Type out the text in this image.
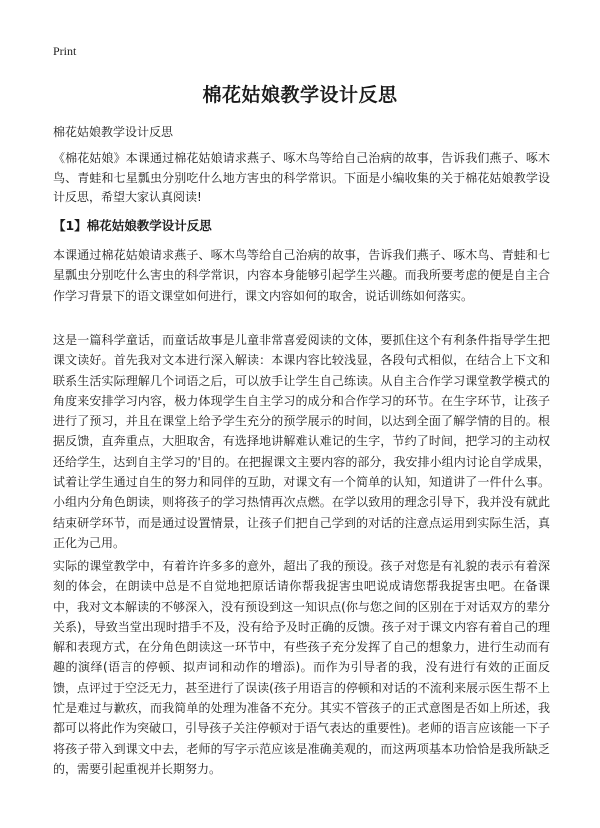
Print
棉花姑娘教学设计反思

棉花姑娘教学设计反思

《棉花姑娘》本课通过棉花姑娘请求燕子、啄木鸟等给自己治病的故事，告诉我们燕子、啄木鸟、青蛙和七星瓢虫分别吃什么地方害虫的科学常识。下面是小编收集的关于棉花姑娘教学设计反思，希望大家认真阅读!

【1】棉花姑娘教学设计反思

本课通过棉花姑娘请求燕子、啄木鸟等给自己治病的故事，告诉我们燕子、啄木鸟、青蛙和七星瓢虫分别吃什么害虫的科学常识，内容本身能够引起学生兴趣。而我所要考虑的便是自主合作学习背景下的语文课堂如何进行，课文内容如何的取舍，说话训练如何落实。

这是一篇科学童话，而童话故事是儿童非常喜爱阅读的文体，要抓住这个有利条件指导学生把课文读好。首先我对文本进行深入解读：本课内容比较浅显，各段句式相似，在结合上下文和联系生活实际理解几个词语之后，可以放手让学生自己练读。从自主合作学习课堂教学模式的角度来安排学习内容，极力体现学生自主学习的成分和合作学习的环节。在生字环节，让孩子进行了预习，并且在课堂上给予学生充分的预学展示的时间，以达到全面了解学情的目的。根据反馈，直奔重点，大胆取舍，有选择地讲解难认难记的生字，节约了时间，把学习的主动权还给学生，达到自主学习的'目的。在把握课文主要内容的部分，我安排小组内讨论自学成果，试着让学生通过自生的努力和同伴的互助，对课文有一个简单的认知，知道讲了一件什么事。小组内分角色朗读，则将孩子的学习热情再次点燃。在学以致用的理念引导下，我并没有就此结束研学环节，而是通过设置情景，让孩子们把自己学到的对话的注意点运用到实际生活，真正化为己用。

实际的课堂教学中，有着许许多多的意外，超出了我的预设。孩子对您是有礼貌的表示有着深刻的体会，在朗读中总是不自觉地把原话请你帮我捉害虫吧说成请您帮我捉害虫吧。在备课中，我对文本解读的不够深入，没有预设到这一知识点(你与您之间的区别在于对话双方的辈分关系)，导致当堂出现时措手不及，没有给予及时正确的反馈。孩子对于课文内容有着自己的理解和表现方式，在分角色朗读这一环节中，有些孩子充分发挥了自己的想象力，进行生动而有趣的演绎(语言的停顿、拟声词和动作的增添)。而作为引导者的我，没有进行有效的正面反馈，点评过于空泛无力，甚至进行了误读(孩子用语言的停顿和对话的不流利来展示医生帮不上忙是难过与歉疚，而我简单的处理为准备不充分。其实不管孩子的正式意图是否如上所述，我都可以将此作为突破口，引导孩子关注停顿对于语气表达的重要性)。老师的语言应该能一下子将孩子带入到课文中去，老师的写字示范应该是准确美观的，而这两项基本功恰恰是我所缺乏的，需要引起重视并长期努力。
